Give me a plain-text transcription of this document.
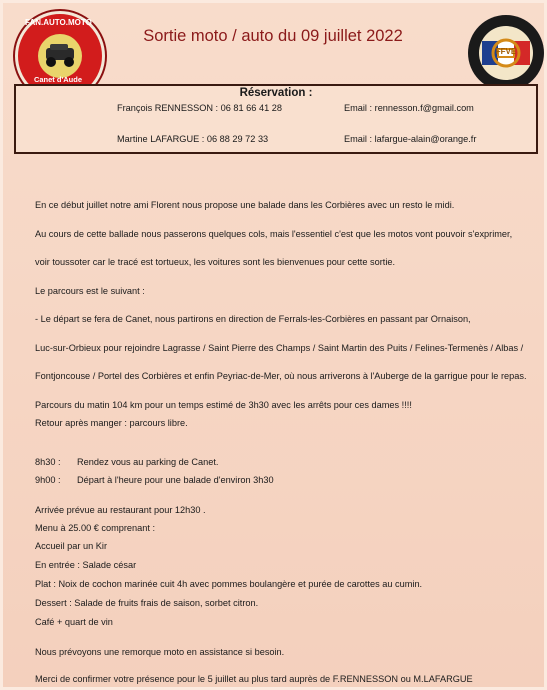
FAN.AUTO.MOTO
Canet d'Aude
Sortie moto / auto du 09 juillet 2022
FFVE
Réservation :
François RENNESSON : 06 81 66 41 28	Email : rennesson.f@gmail.com
Martine LAFARGUE : 06 88 29 72 33	Email : lafargue-alain@orange.fr
En ce début juillet notre ami Florent nous propose une balade dans les Corbières avec un resto le midi.
Au cours de cette ballade nous passerons quelques cols, mais l'essentiel c'est que les motos vont pouvoir s'exprimer,
voir toussoter car le tracé est tortueux, les voitures sont les bienvenues pour cette sortie.
Le parcours est le suivant :
- Le départ se fera de Canet, nous partirons en direction de Ferrals-les-Corbières en passant par Ornaison,
Luc-sur-Orbieux pour rejoindre Lagrasse / Saint Pierre des Champs / Saint Martin des Puits / Felines-Termenès / Albas /
Fontjoncouse / Portel des Corbières et enfin Peyriac-de-Mer, où nous arriverons à l'Auberge de la garrigue pour le repas.
Parcours du matin 104 km pour un temps estimé de 3h30 avec les arrêts pour ces dames !!!!
Retour après manger : parcours libre.
8h30 : Rendez vous au parking de Canet.
9h00 : Départ à l'heure pour une balade d'environ 3h30
Arrivée prévue au restaurant pour 12h30 .
Menu à 25.00 € comprenant :
Accueil par un Kir
En entrée : Salade césar
Plat : Noix de cochon marinée cuit 4h avec pommes boulangère et purée de carottes au cumin.
Dessert : Salade de fruits frais de saison, sorbet citron.
Café + quart de vin
Nous prévoyons une remorque moto en assistance si besoin.
Merci de confirmer votre présence pour le 5 juillet au plus tard auprès de F.RENNESSON ou M.LAFARGUE
